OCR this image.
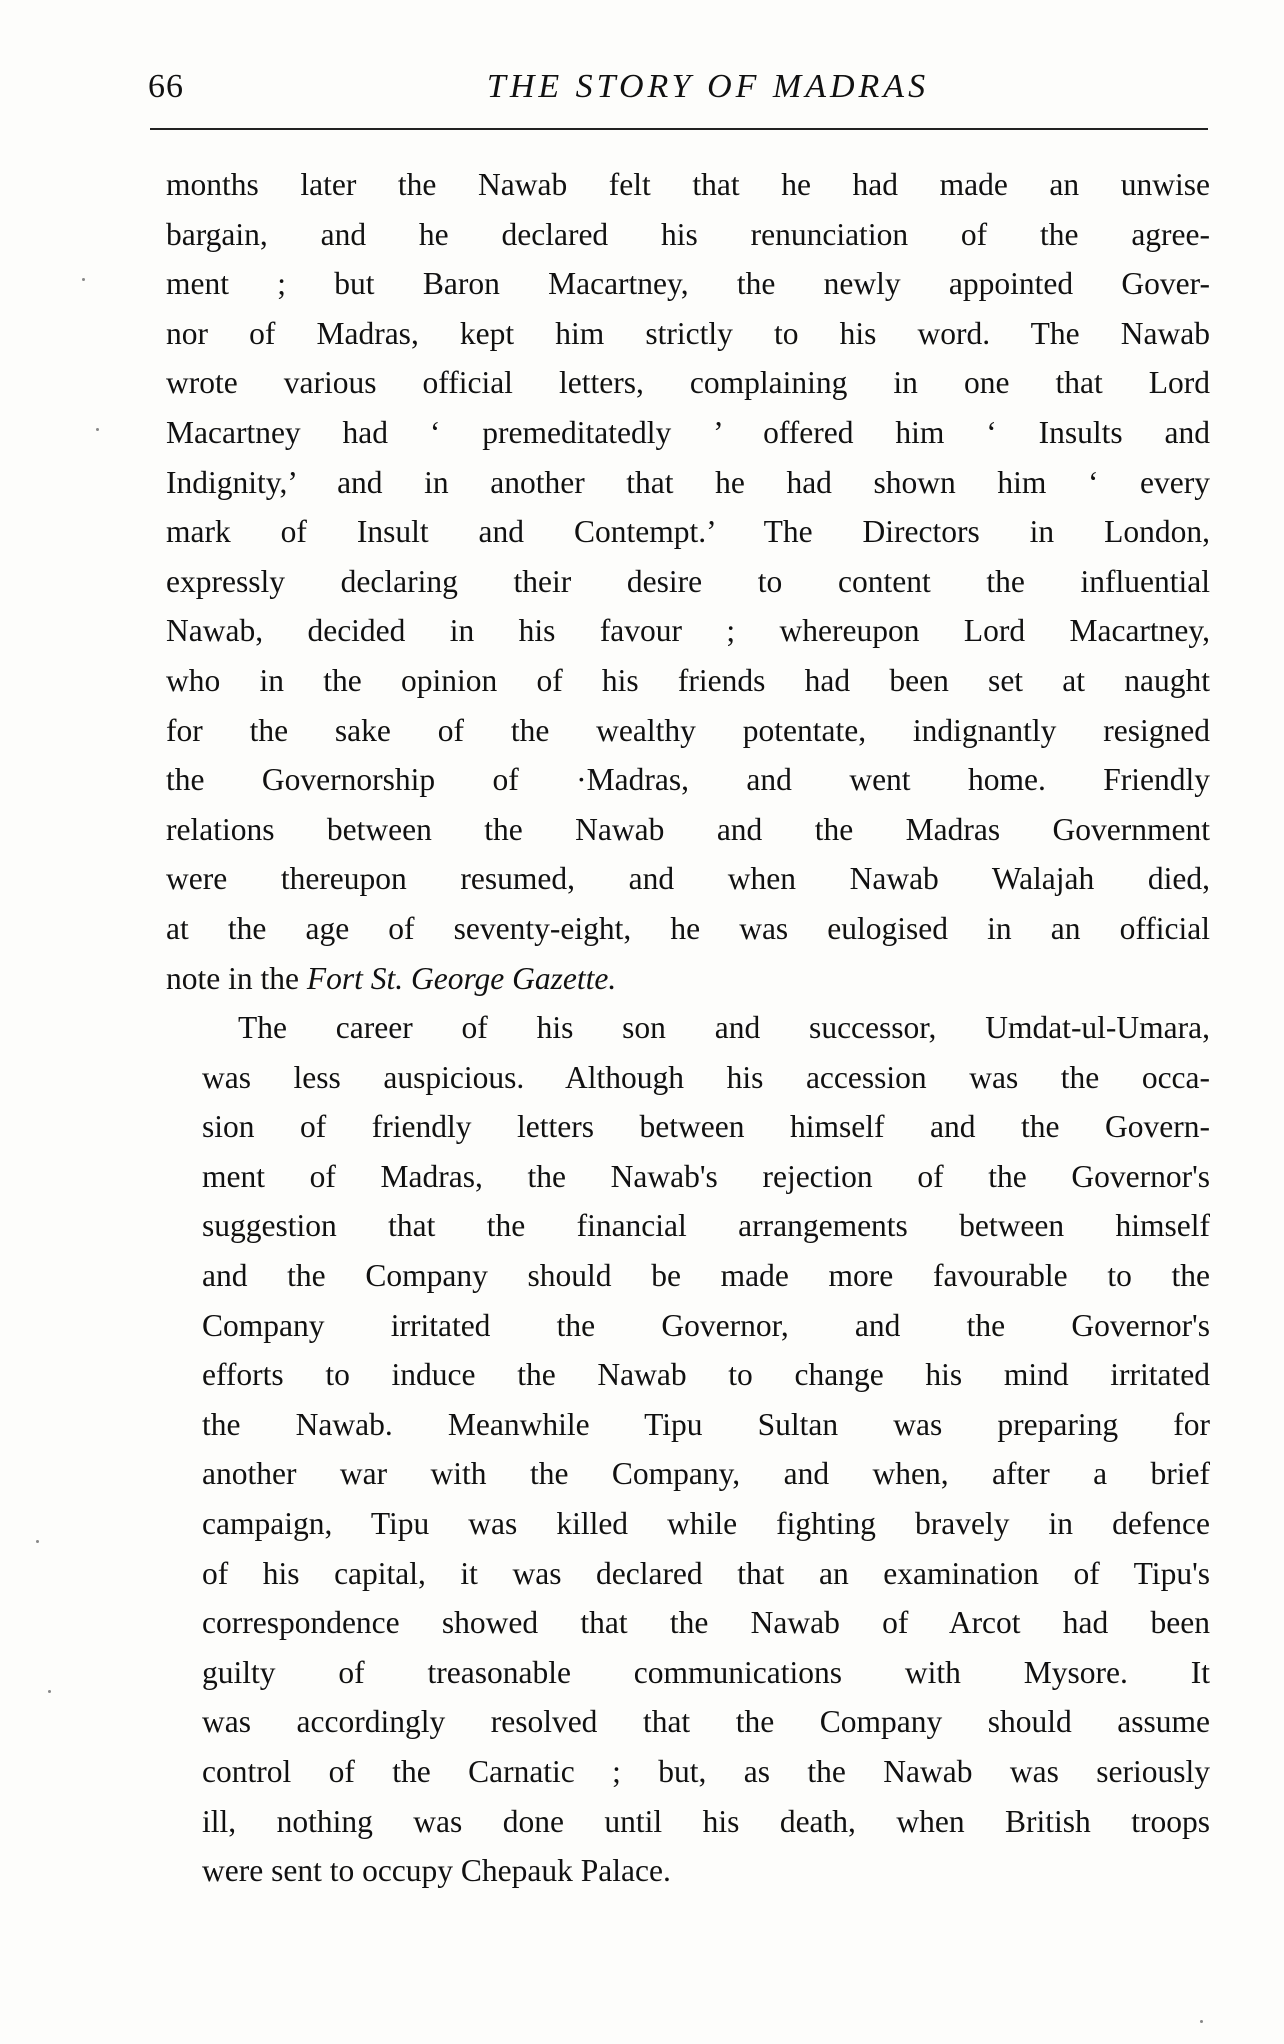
66	THE STORY OF MADRAS

months later the Nawab felt that he had made an unwise
bargain, and he declared his renunciation of the agree-
ment ; but Baron Macartney, the newly appointed Gover-
nor of Madras, kept him strictly to his word. The Nawab
wrote various official letters, complaining in one that Lord
Macartney had ‘ premeditatedly ’ offered him ‘ Insults and
Indignity,’ and in another that he had shown him ‘ every
mark of Insult and Contempt.’ The Directors in London,
expressly declaring their desire to content the influential
Nawab, decided in his favour ; whereupon Lord Macartney,
who in the opinion of his friends had been set at naught
for the sake of the wealthy potentate, indignantly resigned
the Governorship of ·Madras, and went home. Friendly
relations between the Nawab and the Madras Government
were thereupon resumed, and when Nawab Walajah died,
at the age of seventy-eight, he was eulogised in an official
note in the Fort St. George Gazette.

The career of his son and successor, Umdat-ul-Umara,
was less auspicious. Although his accession was the occa-
sion of friendly letters between himself and the Govern-
ment of Madras, the Nawab's rejection of the Governor's
suggestion that the financial arrangements between himself
and the Company should be made more favourable to the
Company irritated the Governor, and the Governor's
efforts to induce the Nawab to change his mind irritated
the Nawab. Meanwhile Tipu Sultan was preparing for
another war with the Company, and when, after a brief
campaign, Tipu was killed while fighting bravely in defence
of his capital, it was declared that an examination of Tipu's
correspondence showed that the Nawab of Arcot had been
guilty of treasonable communications with Mysore. It
was accordingly resolved that the Company should assume
control of the Carnatic ; but, as the Nawab was seriously
ill, nothing was done until his death, when British troops
were sent to occupy Chepauk Palace.
